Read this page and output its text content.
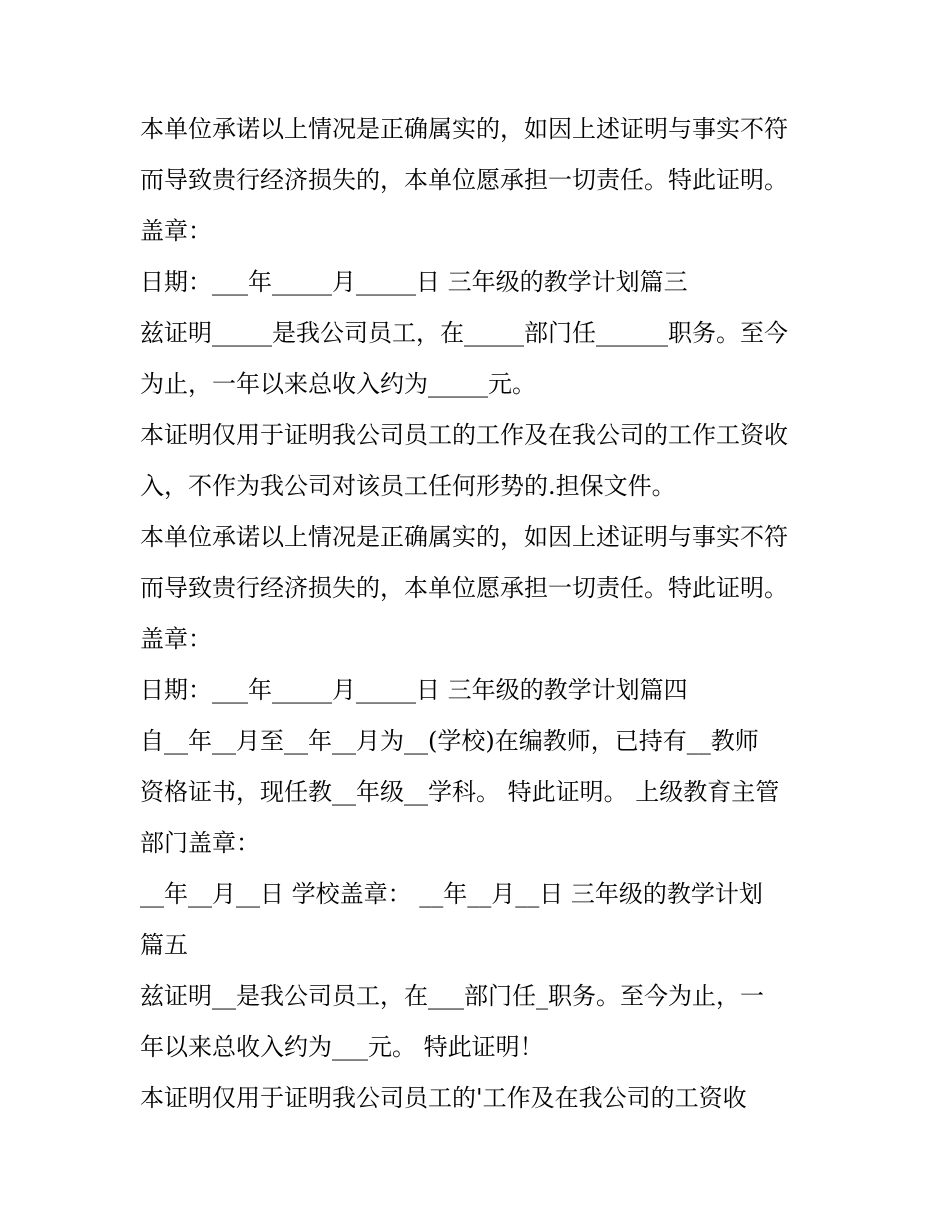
本单位承诺以上情况是正确属实的，如因上述证明与事实不符
而导致贵行经济损失的，本单位愿承担一切责任。特此证明。
盖章：
日期：___年_____月_____日 三年级的教学计划篇三
兹证明_____是我公司员工，在_____部门任______职务。至今
为止，一年以来总收入约为_____元。
本证明仅用于证明我公司员工的工作及在我公司的工作工资收
入，不作为我公司对该员工任何形势的.担保文件。
本单位承诺以上情况是正确属实的，如因上述证明与事实不符
而导致贵行经济损失的，本单位愿承担一切责任。特此证明。
盖章：
日期：___年_____月_____日 三年级的教学计划篇四
自__年__月至__年__月为__(学校)在编教师，已持有__教师
资格证书，现任教__年级__学科。 特此证明。 上级教育主管
部门盖章：
__年__月__日 学校盖章： __年__月__日 三年级的教学计划
篇五
兹证明__是我公司员工，在___部门任_职务。至今为止，一
年以来总收入约为___元。 特此证明！
本证明仅用于证明我公司员工的'工作及在我公司的工资收
